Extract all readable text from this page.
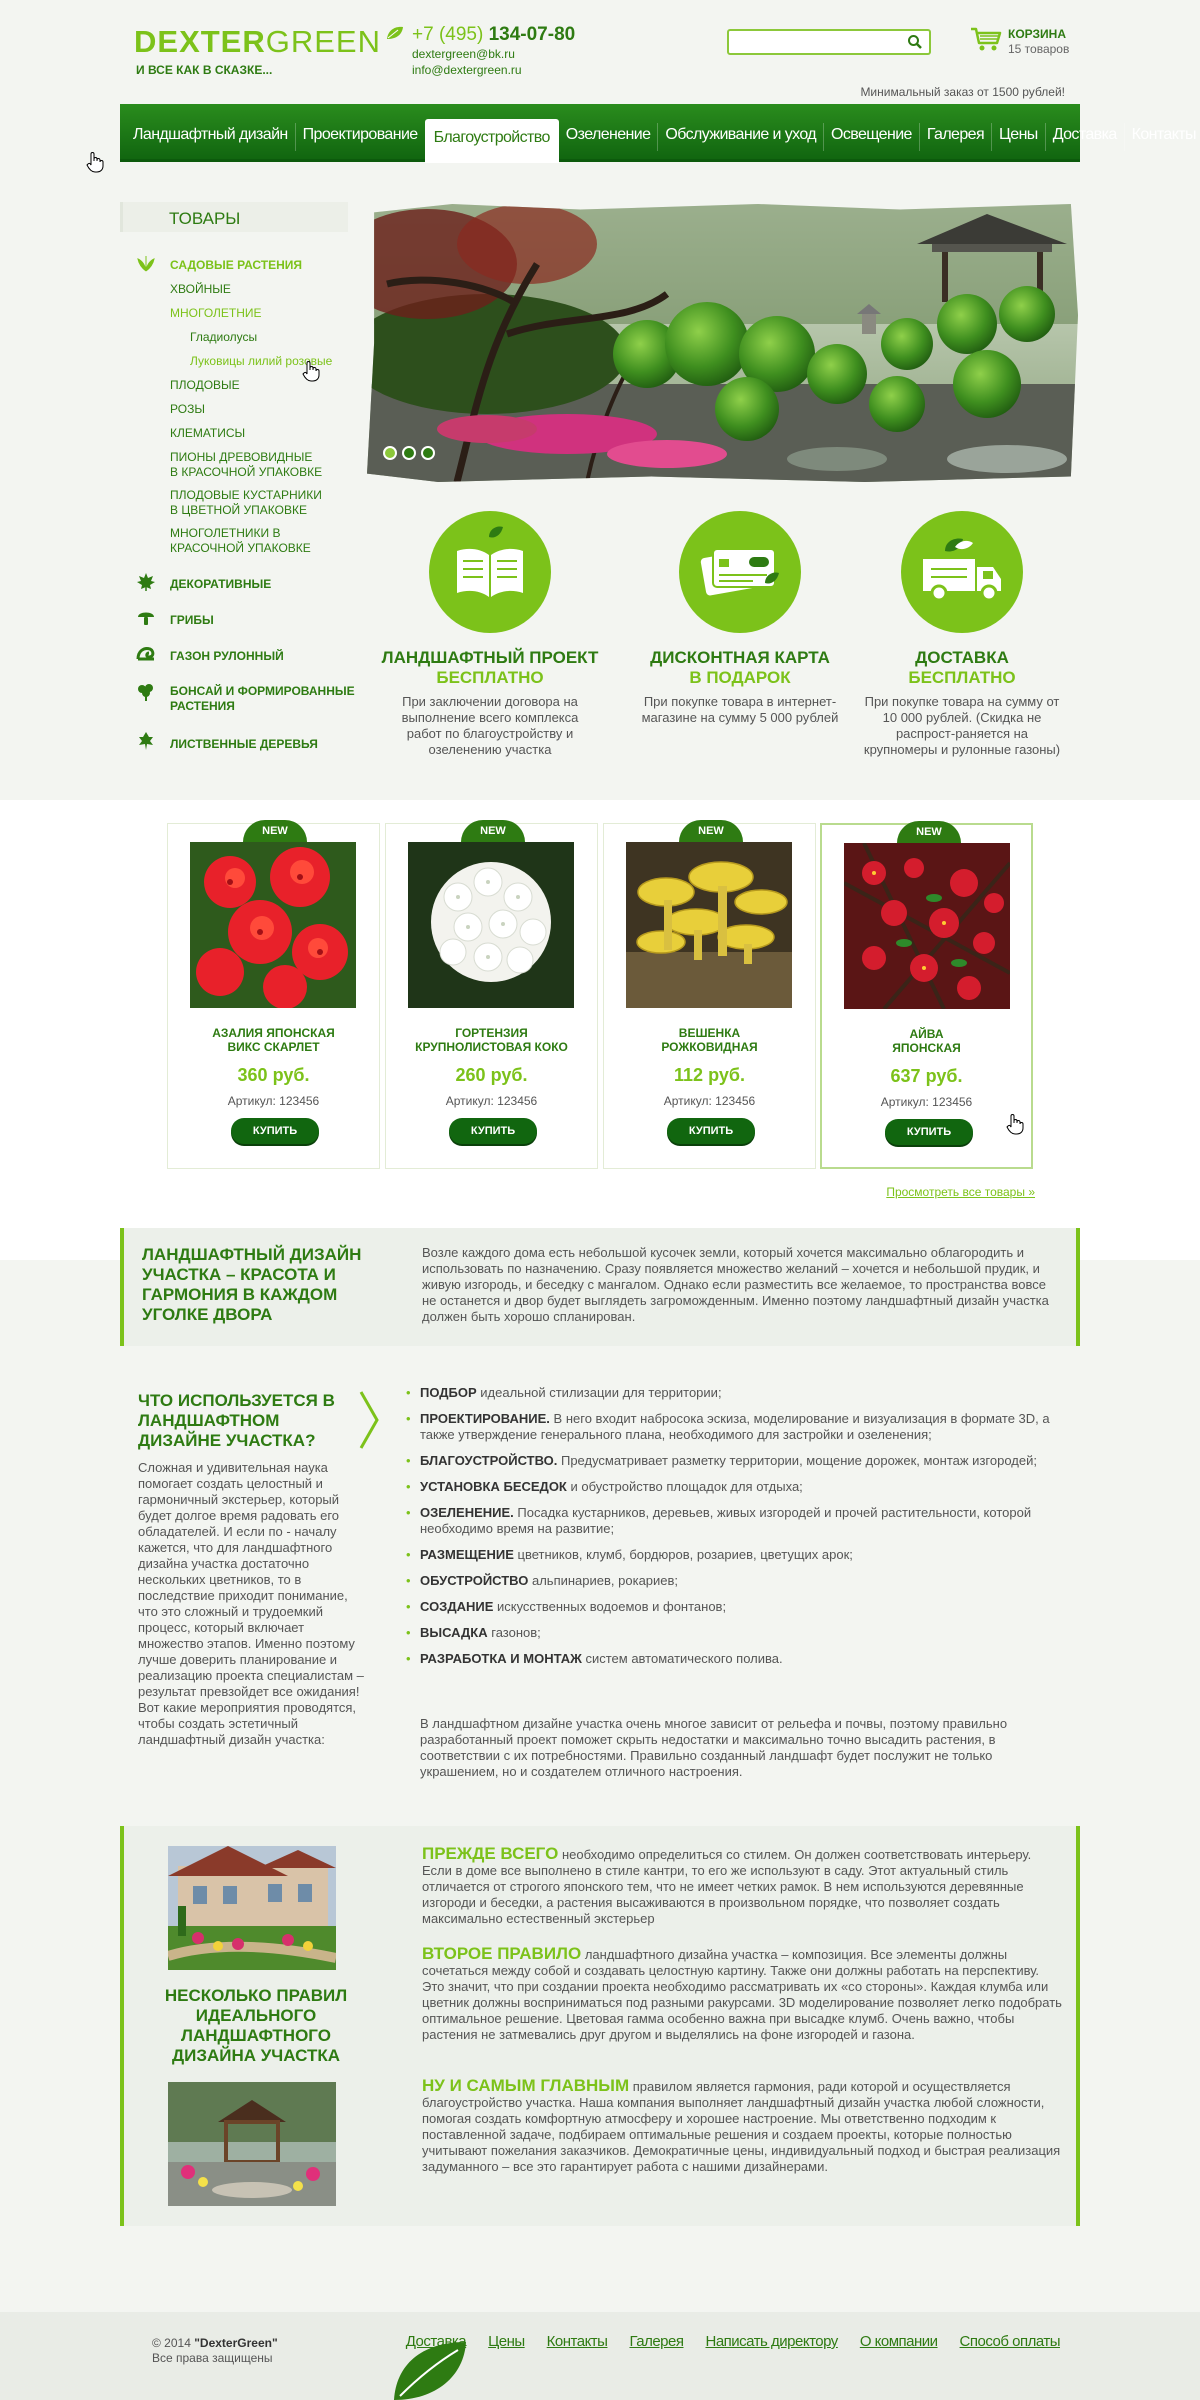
DEXTERGREEN
И ВСЕ КАК В СКАЗКЕ...
+7 (495) 134-07-80
dextergreen@bk.ru
info@dextergreen.ru
КОРЗИНА
15 товаров
Минимальный заказ от 1500 рублей!
Ландшафтный дизайн Проектирование	Благоустройство	Озеленение Обслуживание и уход Освещение Галерея Цены Доставка Контакты
ТОВАРЫ
САДОВЫЕ РАСТЕНИЯ
ХВОЙНЫЕ
МНОГОЛЕТНИЕ
Гладиолусы
Луковицы лилий розовые
ПЛОДОВЫЕ
РОЗЫ
КЛЕМАТИСЫ
ПИОНЫ ДРЕВОВИДНЫЕ
В КРАСОЧНОЙ УПАКОВКЕ
ПЛОДОВЫЕ КУСТАРНИКИ
В ЦВЕТНОЙ УПАКОВКЕ
МНОГОЛЕТНИКИ В
КРАСОЧНОЙ УПАКОВКЕ
ДЕКОРАТИВНЫЕ
ГРИБЫ
ГАЗОН РУЛОННЫЙ
БОНСАЙ И ФОРМИРОВАННЫЕ
РАСТЕНИЯ
ЛИСТВЕННЫЕ ДЕРЕВЬЯ
ЛАНДШАФТНЫЙ ПРОЕКТ
БЕСПЛАТНО
При заключении договора на выполнение всего комплекса работ по благоустройству и озеленению участка
ДИСКОНТНАЯ КАРТА
В ПОДАРОК
При покупке товара в интернет-магазине на сумму 5 000 рублей
ДОСТАВКА
БЕСПЛАТНО
При покупке товара на сумму от 10 000 рублей. (Скидка не распрост-раняется на крупномеры и рулонные газоны)
NEW
АЗАЛИЯ ЯПОНСКАЯ
ВИКС СКАРЛЕТ
360 руб.
Артикул: 123456
КУПИТЬ
NEW
ГОРТЕНЗИЯ
КРУПНОЛИСТОВАЯ КОКО
260 руб.
Артикул: 123456
КУПИТЬ
NEW
ВЕШЕНКА
РОЖКОВИДНАЯ
112 руб.
Артикул: 123456
КУПИТЬ
NEW
АЙВА
ЯПОНСКАЯ
637 руб.
Артикул: 123456
КУПИТЬ
Просмотреть все товары »
ЛАНДШАФТНЫЙ ДИЗАЙН УЧАСТКА – КРАСОТА И ГАРМОНИЯ В КАЖДОМ УГОЛКЕ ДВОРА
Возле каждого дома есть небольшой кусочек земли, который хочется максимально облагородить и использовать по назначению. Сразу появляется множество желаний – хочется и небольшой прудик, и живую изгородь, и беседку с мангалом. Однако если разместить все желаемое, то пространства вовсе не останется и двор будет выглядеть загроможденным. Именно поэтому ландшафтный дизайн участка должен быть хорошо спланирован.
ЧТО ИСПОЛЬЗУЕТСЯ В ЛАНДШАФТНОМ ДИЗАЙНЕ УЧАСТКА?
Сложная и удивительная наука помогает создать целостный и гармоничный экстерьер, который будет долгое время радовать его обладателей. И если по - началу кажется, что для ландшафтного дизайна участка достаточно нескольких цветников, то в последствие приходит понимание, что это сложный и трудоемкий процесс, который включает множество этапов. Именно поэтому лучше доверить планирование и реализацию проекта специалистам – результат превзойдет все ожидания! Вот какие мероприятия проводятся, чтобы создать эстетичный ландшафтный дизайн участка:
• ПОДБОР идеальной стилизации для территории;
• ПРОЕКТИРОВАНИЕ. В него входит набросока эскиза, моделирование и визуализация в формате 3D, а также утверждение генерального плана, необходимого для застройки и озеленения;
• БЛАГОУСТРОЙСТВО. Предусматривает разметку территории, мощение дорожек, монтаж изгородей;
• УСТАНОВКА БЕСЕДОК и обустройство площадок для отдыха;
• ОЗЕЛЕНЕНИЕ. Посадка кустарников, деревьев, живых изгородей и прочей растительности, которой необходимо время на развитие;
• РАЗМЕЩЕНИЕ цветников, клумб, бордюров, розариев, цветущих арок;
• ОБУСТРОЙСТВО альпинариев, рокариев;
• СОЗДАНИЕ искусственных водоемов и фонтанов;
• ВЫСАДКА газонов;
• РАЗРАБОТКА И МОНТАЖ систем автоматического полива.
В ландшафтном дизайне участка очень многое зависит от рельефа и почвы, поэтому правильно разработанный проект поможет скрыть недостатки и максимально точно высадить растения, в соответствии с их потребностями. Правильно созданный ландшафт будет послужит не только украшением, но и создателем отличного настроения.
НЕСКОЛЬКО ПРАВИЛ ИДЕАЛЬНОГО ЛАНДШАФТНОГО ДИЗАЙНА УЧАСТКА
ПРЕЖДЕ ВСЕГО необходимо определиться со стилем. Он должен соответствовать интерьеру. Если в доме все выполнено в стиле кантри, то его же используют в саду. Этот актуальный стиль отличается от строгого японского тем, что не имеет четких рамок. В нем используются деревянные изгороди и беседки, а растения высаживаются в произвольном порядке, что позволяет создать максимально естественный экстерьер
ВТОРОЕ ПРАВИЛО ландшафтного дизайна участка – композиция. Все элементы должны сочетаться между собой и создавать целостную картину. Также они должны работать на перспективу. Это значит, что при создании проекта необходимо рассматривать их «со стороны». Каждая клумба или цветник должны восприниматься под разными ракурсами. 3D моделирование позволяет легко подобрать оптимальное решение. Цветовая гамма особенно важна при высадке клумб. Очень важно, чтобы растения не затмевались друг другом и выделялись на фоне изгородей и газона.
НУ И САМЫМ ГЛАВНЫМ правилом является гармония, ради которой и осуществляется благоустройство участка. Наша компания выполняет ландшафтный дизайн участка любой сложности, помогая создать комфортную атмосферу и хорошее настроение. Мы ответственно подходим к поставленной задаче, подбираем оптимальные решения и создаем проекты, которые полностью учитывают пожелания заказчиков. Демократичные цены, индивидуальный подход и быстрая реализация задуманного – все это гарантирует работа с нашими дизайнерами.
© 2014 "DexterGreen"
Все права защищены
Доставка Цены Контакты Галерея Написать директору О компании Способ оплаты
